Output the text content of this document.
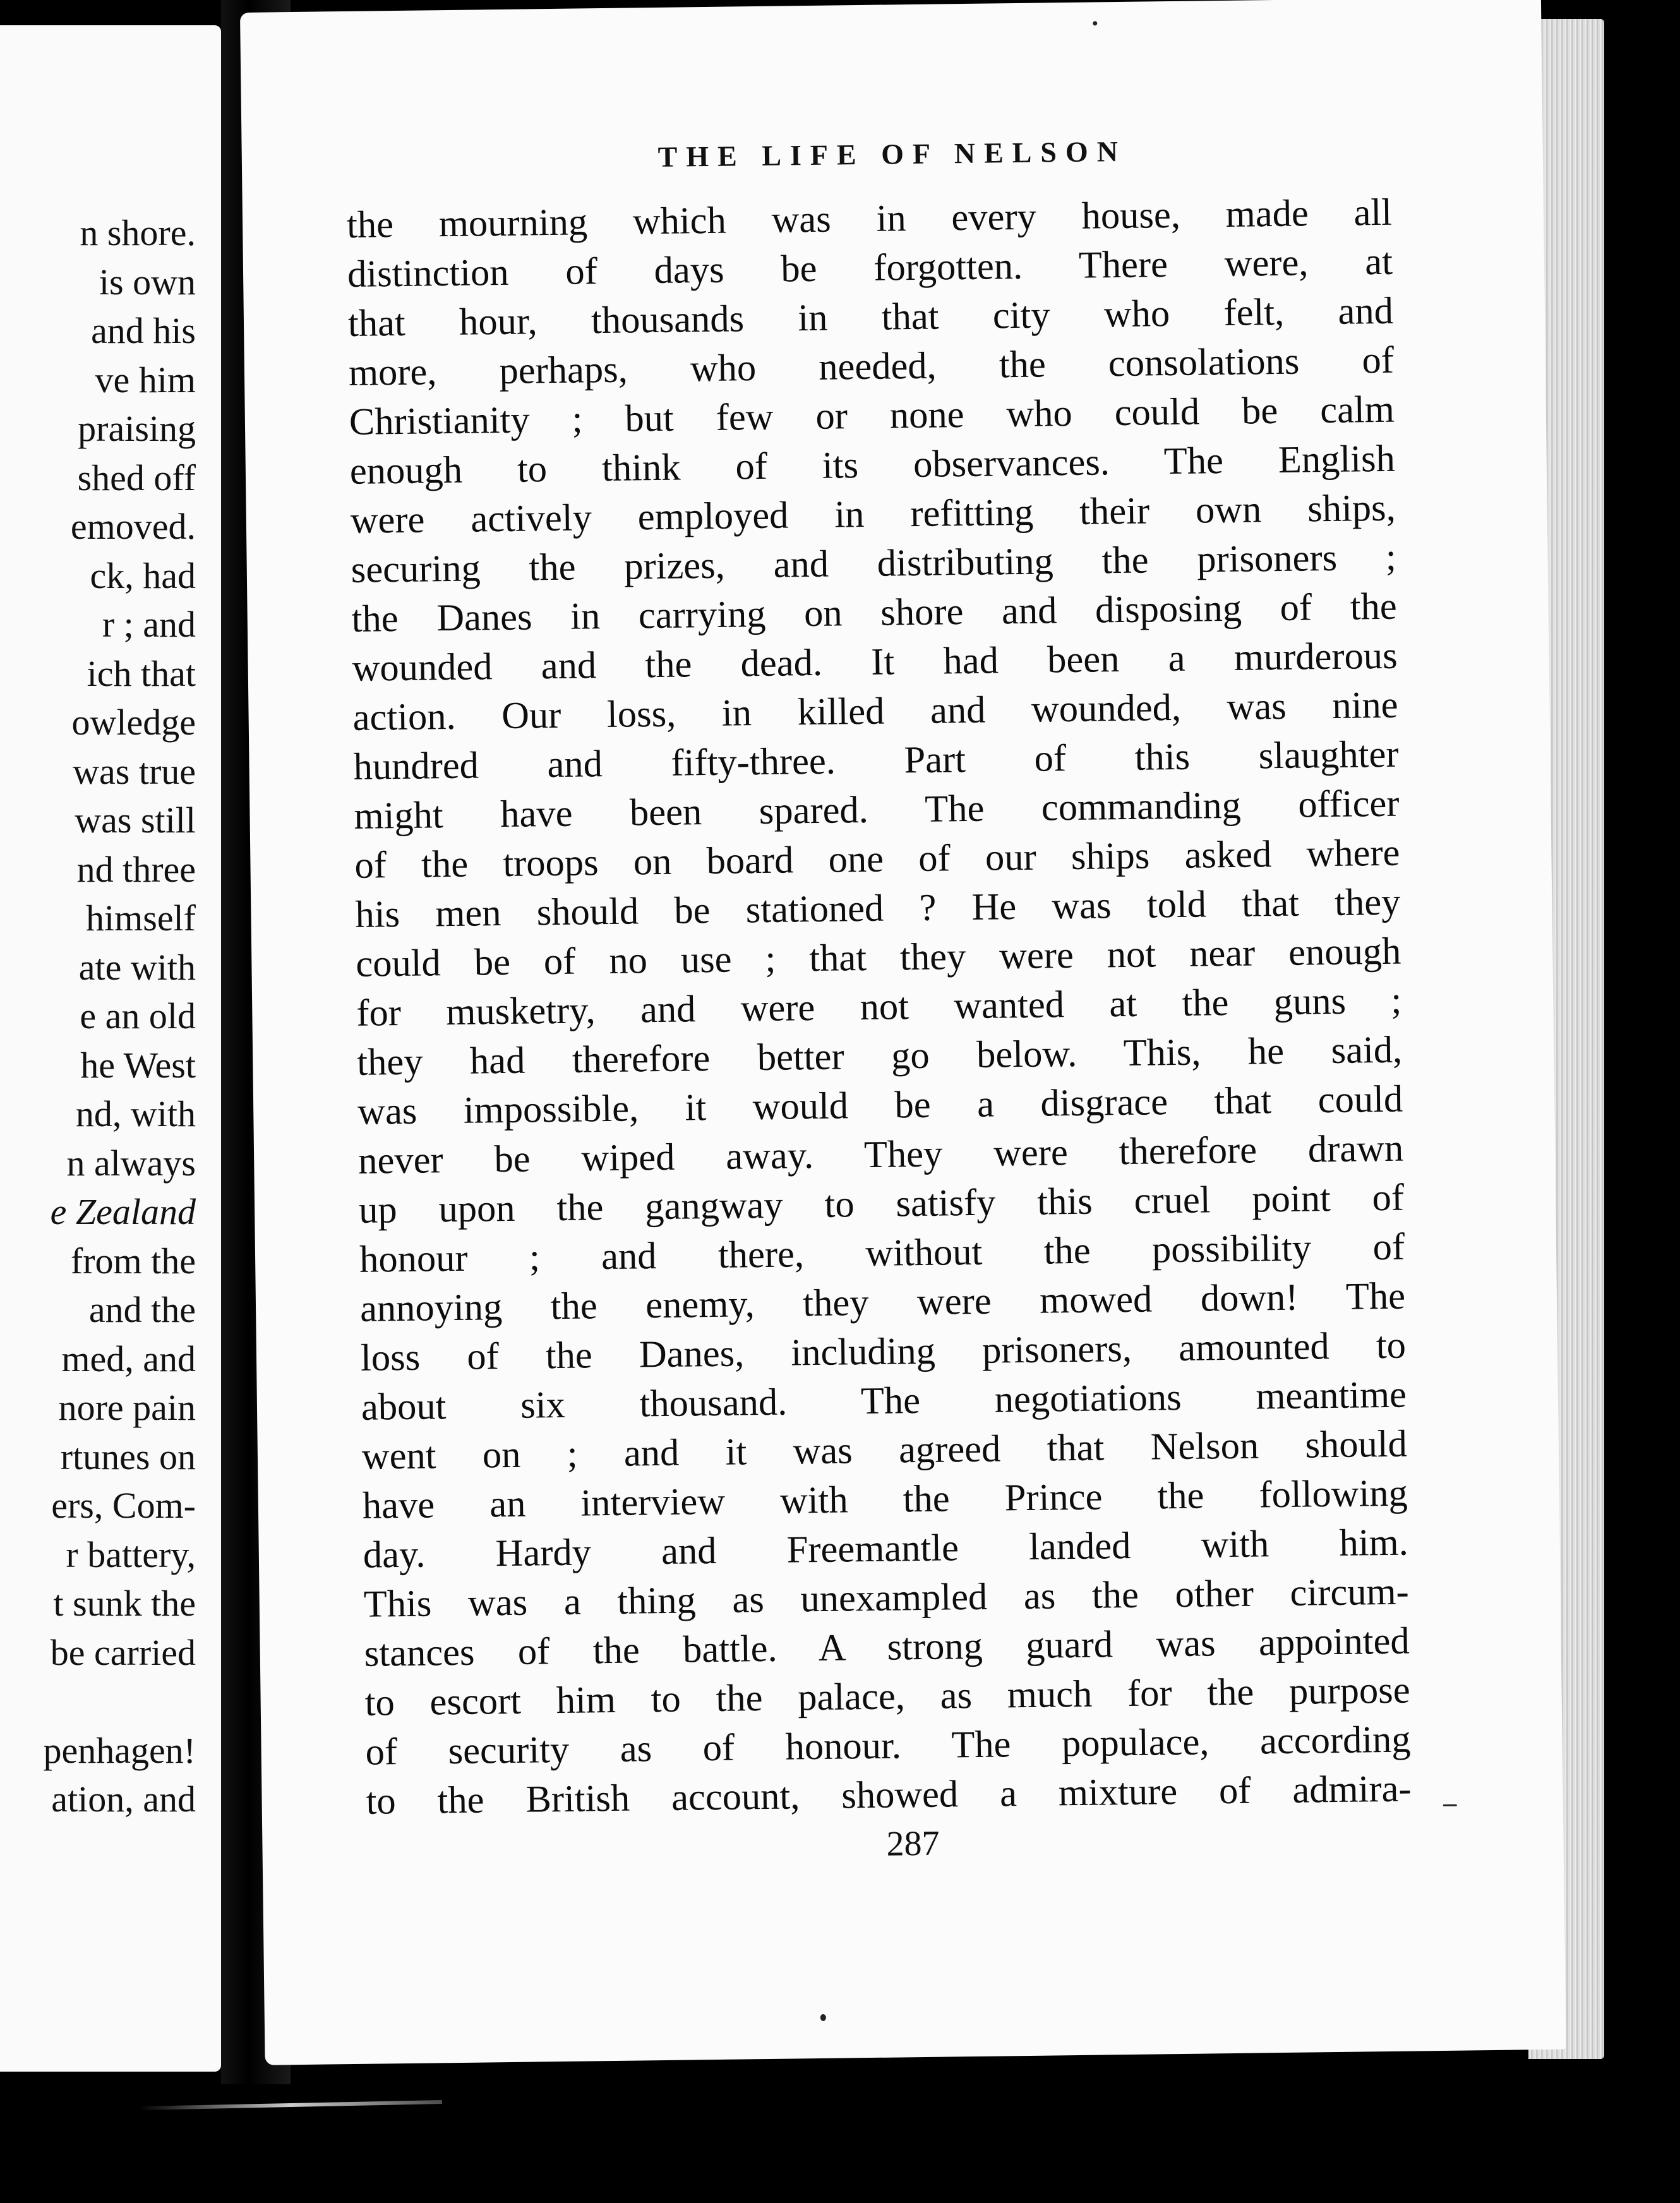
n shore.
is own
and his
ve him
praising
shed off
emoved.
ck, had
r ; and
ich that
owledge
was true
was still
nd three
himself
ate with
e an old
he West
nd, with
n always
e Zealand
from the
and the
med, and
nore pain
rtunes on
ers, Com-
r battery,
t sunk the
be carried
penhagen!
ation, and
THE LIFE OF NELSON
the mourning which was in every house, made all
distinction of days be forgotten. There were, at
that hour, thousands in that city who felt, and
more, perhaps, who needed, the consolations of
Christianity ; but few or none who could be calm
enough to think of its observances. The English
were actively employed in refitting their own ships,
securing the prizes, and distributing the prisoners ;
the Danes in carrying on shore and disposing of the
wounded and the dead. It had been a murderous
action. Our loss, in killed and wounded, was nine
hundred and fifty-three. Part of this slaughter
might have been spared. The commanding officer
of the troops on board one of our ships asked where
his men should be stationed ? He was told that they
could be of no use ; that they were not near enough
for musketry, and were not wanted at the guns ;
they had therefore better go below. This, he said,
was impossible, it would be a disgrace that could
never be wiped away. They were therefore drawn
up upon the gangway to satisfy this cruel point of
honour ; and there, without the possibility of
annoying the enemy, they were mowed down! The
loss of the Danes, including prisoners, amounted to
about six thousand. The negotiations meantime
went on ; and it was agreed that Nelson should
have an interview with the Prince the following
day. Hardy and Freemantle landed with him.
This was a thing as unexampled as the other circum-
stances of the battle. A strong guard was appointed
to escort him to the palace, as much for the purpose
of security as of honour. The populace, according
to the British account, showed a mixture of admira-
287
